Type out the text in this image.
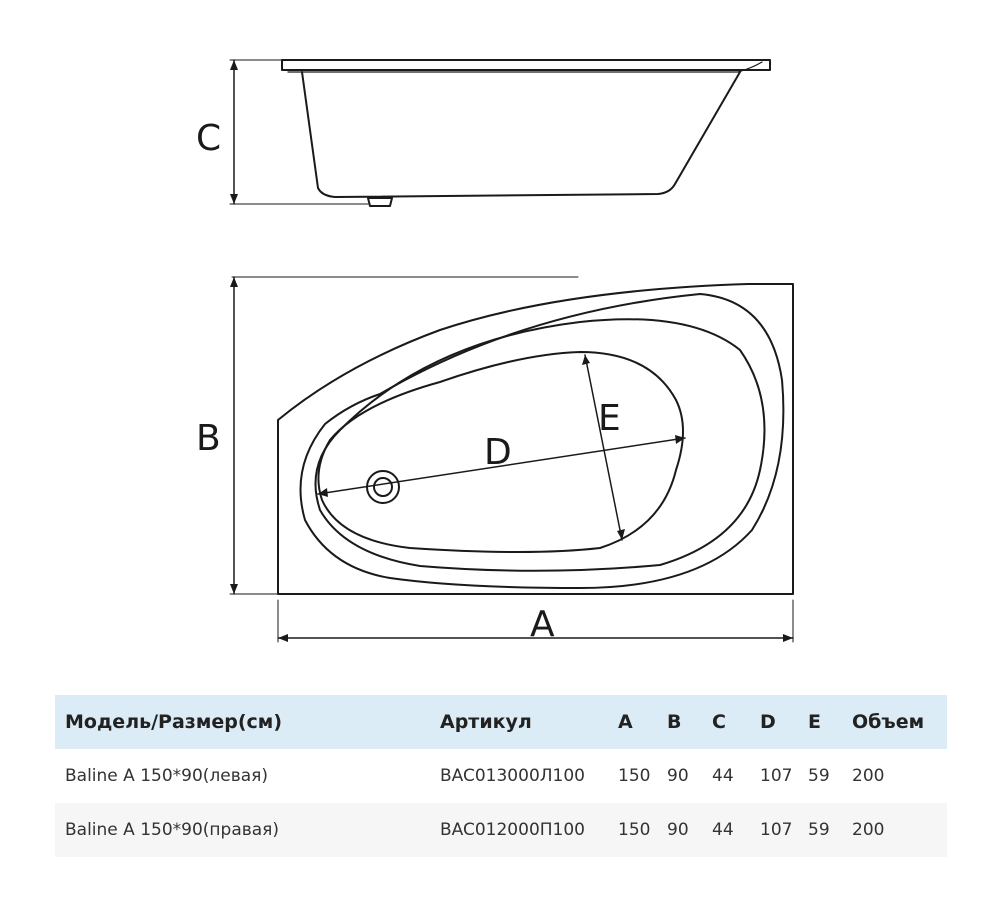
C
B
A
D
E
Модель/Размер(см)	Артикул	A	B	C	D	E	Объем
Baline A 150*90(левая)	BAC013000Л100	150	90	44	107	59	200
Baline A 150*90(правая)	BAC012000П100	150	90	44	107	59	200
